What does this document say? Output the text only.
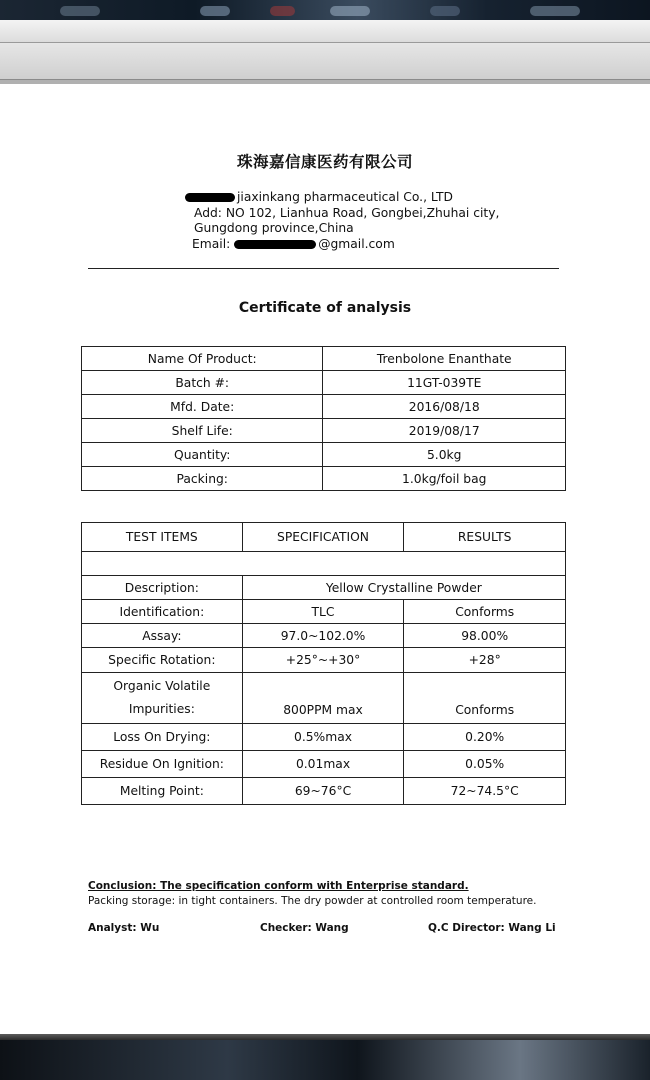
珠海嘉信康医药有限公司
jiaxinkang pharmaceutical Co., LTD
Add: NO 102, Lianhua Road, Gongbei,Zhuhai city,
Gungdong province,China
Email:	@gmail.com
Certificate of analysis
Name Of Product:	Trenbolone Enanthate
Batch #:	11GT-039TE
Mfd. Date:	2016/08/18
Shelf Life:	2019/08/17
Quantity:	5.0kg
Packing:	1.0kg/foil bag
TEST ITEMS	SPECIFICATION	RESULTS

Description:	Yellow Crystalline Powder	
Identification:	TLC	Conforms
Assay:	97.0~102.0%	98.00%
Specific Rotation:	+25°~+30°	+28°

Organic Volatile
Impurities:	800PPM max	Conforms
Loss On Drying:	0.5%max	0.20%
Residue On Ignition:	0.01max	0.05%
Melting Point:	69~76°C	72~74.5°C
Conclusion: The specification conform with Enterprise standard.
Packing storage: in tight containers. The dry powder at controlled room temperature.
Analyst: Wu	Checker: Wang	Q.C Director: Wang Li
